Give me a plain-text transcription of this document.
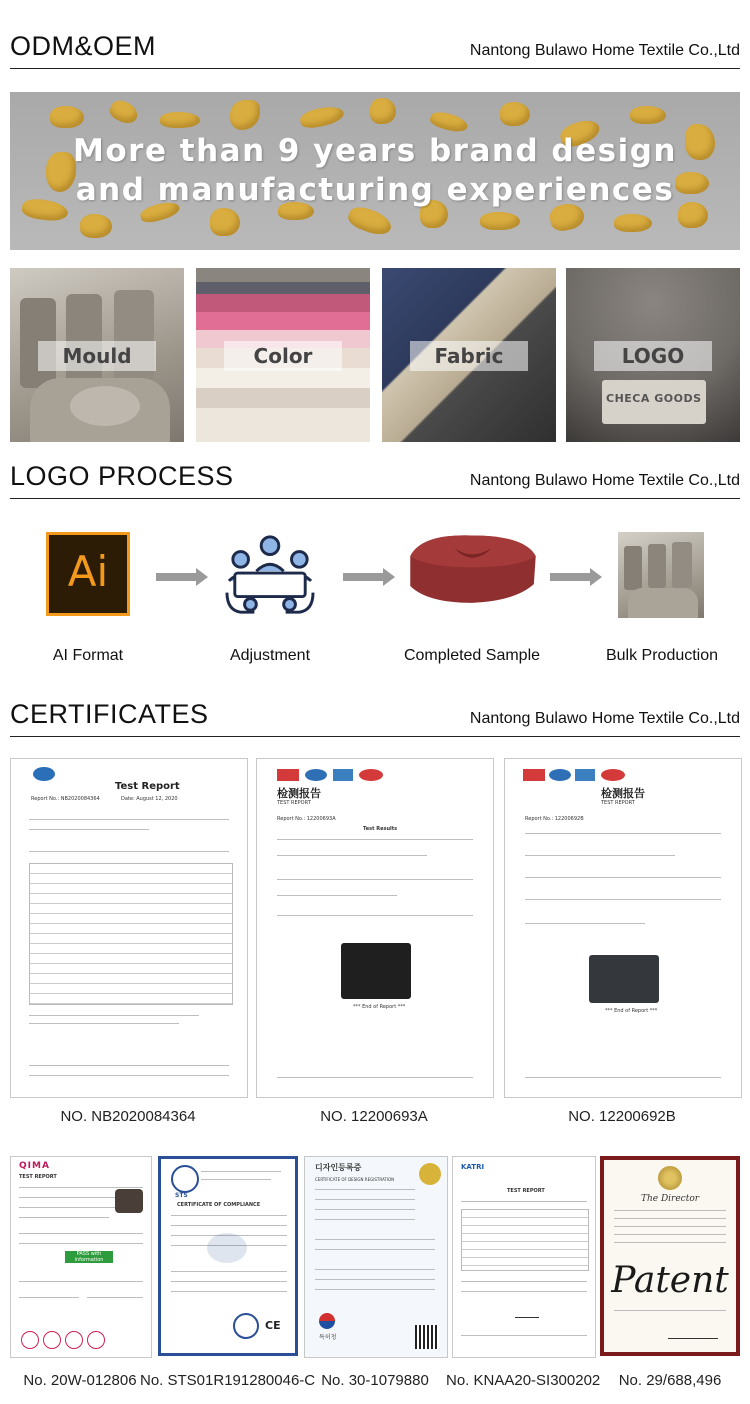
ODM&OEM	Nantong Bulawo Home Textile Co.,Ltd
More than 9 years brand design
and manufacturing experiences
Mould	Color	Fabric
CHECA GOODS
LOGO
LOGO PROCESS	Nantong Bulawo Home Textile Co.,Ltd
Ai
AI Format	Adjustment	Completed Sample	Bulk Production
CERTIFICATES	Nantong Bulawo Home Textile Co.,Ltd
Test Report
Report No.: NB2020084364	Date: August 12, 2020
NO. NB2020084364
检测报告
TEST REPORT
Report No.: 12200693A
Test Results
*** End of Report ***
NO. 12200693A
检测报告
TEST REPORT
Report No.: 12200692B
*** End of Report ***
NO. 12200692B
QIMA
TEST REPORT
PASS with information
No. 20W-012806
STS
CERTIFICATE OF COMPLIANCE
CE
No. STS01R191280046-C
디자인등록증
CERTIFICATE OF DESIGN REGISTRATION
특허청
No. 30-1079880
KATRI
TEST REPORT
No. KNAA20-SI300202
The Director
Patent
No. 29/688,496
